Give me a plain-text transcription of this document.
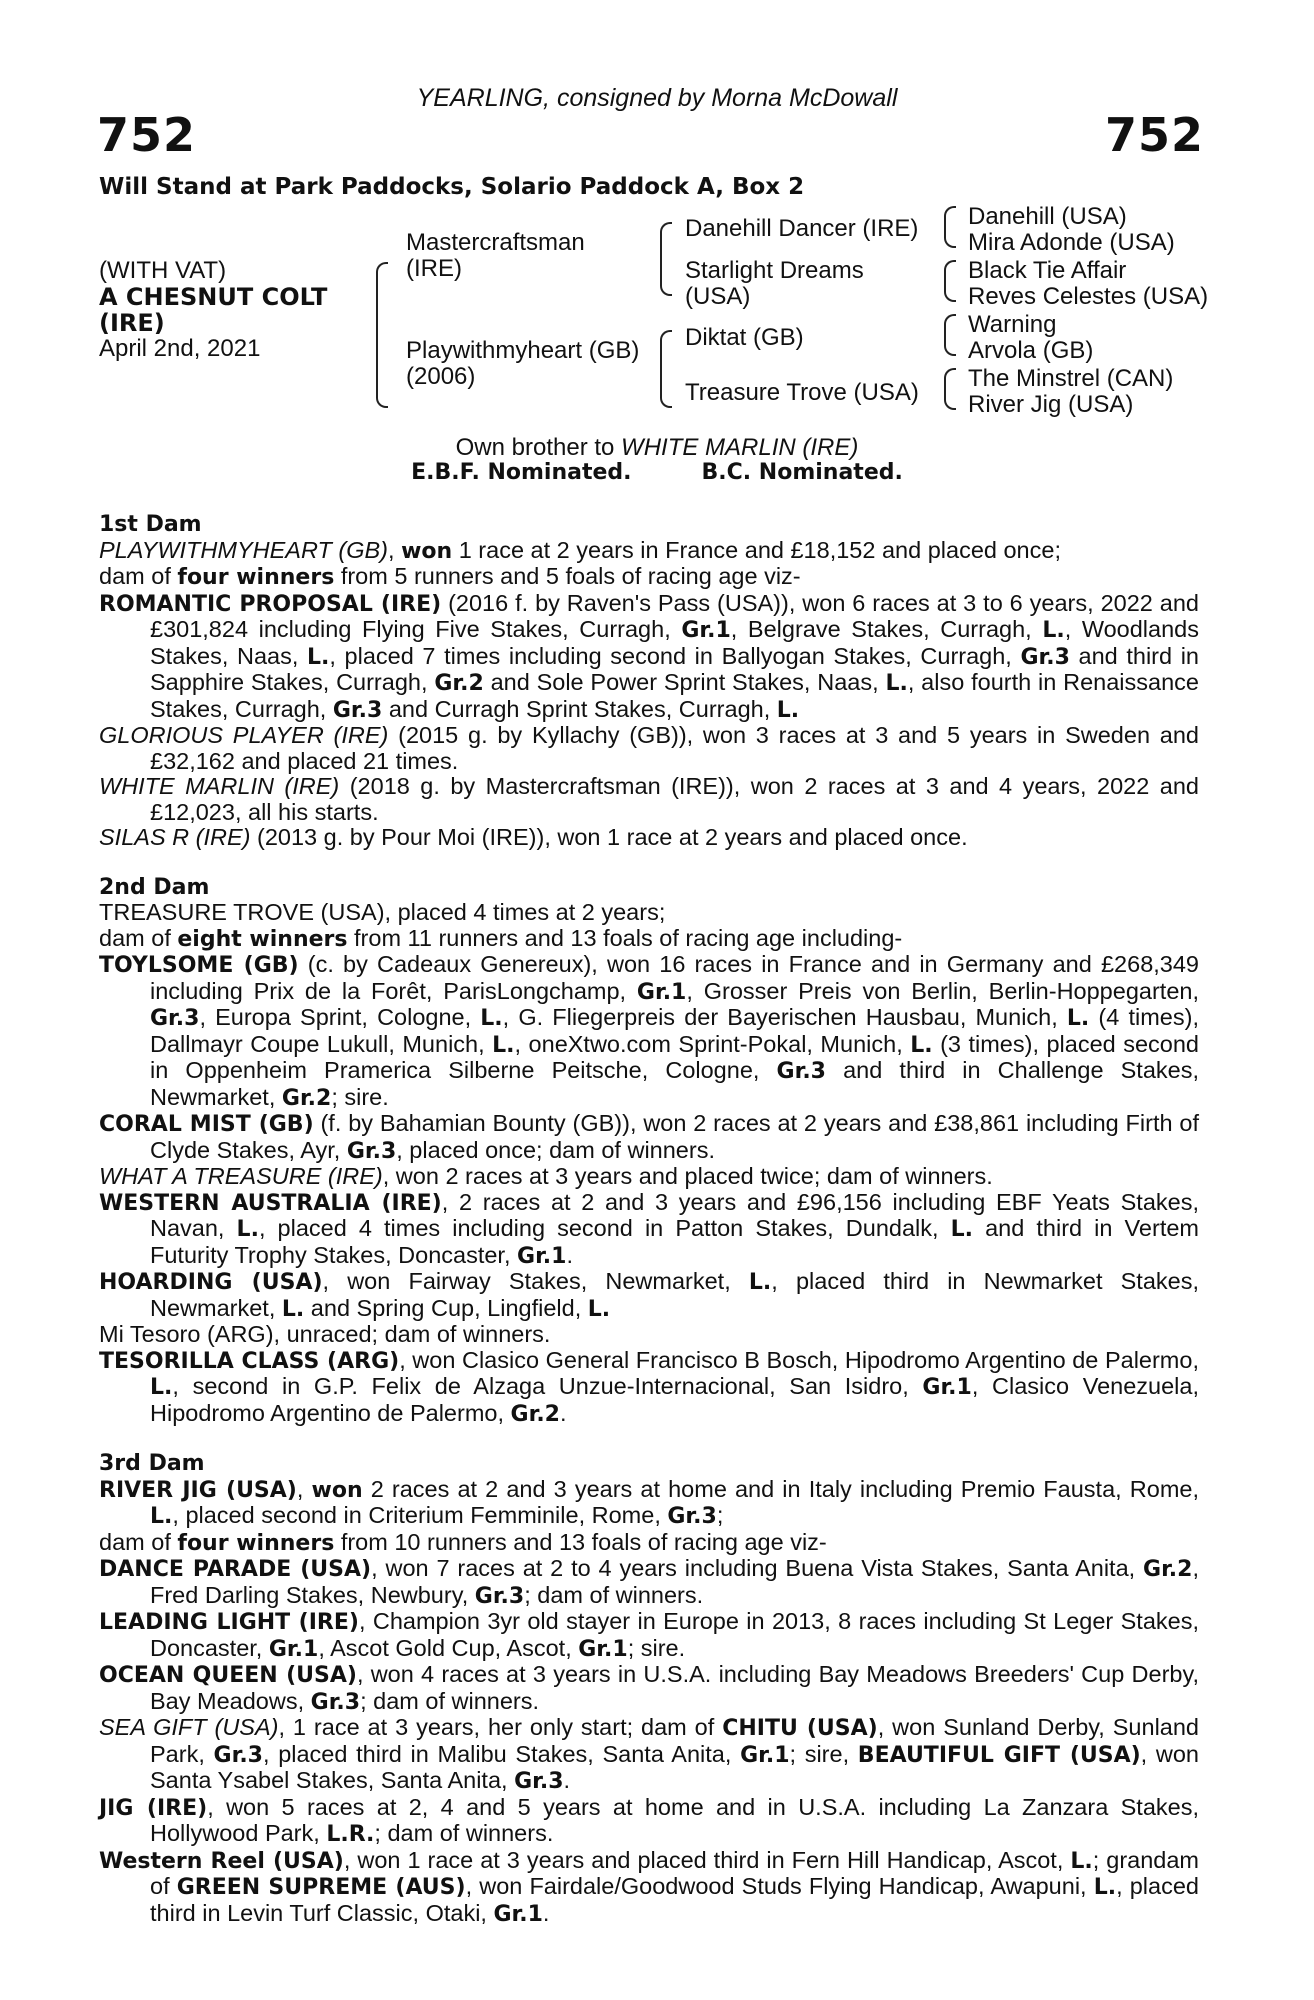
YEARLING, consigned by Morna McDowall
752	752
Will Stand at Park Paddocks, Solario Paddock A, Box 2
(WITH VAT)
A CHESNUT COLT
(IRE)
April 2nd, 2021
Mastercraftsman
(IRE)
Playwithmyheart (GB)
(2006)
Danehill Dancer (IRE)
Starlight Dreams
(USA)
Diktat (GB)
Treasure Trove (USA)
Danehill (USA)
Mira Adonde (USA)
Black Tie Affair
Reves Celestes (USA)
Warning
Arvola (GB)
The Minstrel (CAN)
River Jig (USA)
Own brother to WHITE MARLIN (IRE)
E.B.F. Nominated.	B.C. Nominated.

1st Dam

PLAYWITHMYHEART (GB), won 1 race at 2 years in France and £18,152 and placed once;

dam of four winners from 5 runners and 5 foals of racing age viz-

ROMANTIC PROPOSAL (IRE) (2016 f. by Raven's Pass (USA)), won 6 races at 3 to 6 years, 2022 and £301,824 including Flying Five Stakes, Curragh, Gr.1, Belgrave Stakes, Curragh, L., Woodlands Stakes, Naas, L., placed 7 times including second in Ballyogan Stakes, Curragh, Gr.3 and third in Sapphire Stakes, Curragh, Gr.2 and Sole Power Sprint Stakes, Naas, L., also fourth in Renaissance Stakes, Curragh, Gr.3 and Curragh Sprint Stakes, Curragh, L.

GLORIOUS PLAYER (IRE) (2015 g. by Kyllachy (GB)), won 3 races at 3 and 5 years in Sweden and £32,162 and placed 21 times.

WHITE MARLIN (IRE) (2018 g. by Mastercraftsman (IRE)), won 2 races at 3 and 4 years, 2022 and £12,023, all his starts.

SILAS R (IRE) (2013 g. by Pour Moi (IRE)), won 1 race at 2 years and placed once.

2nd Dam

TREASURE TROVE (USA), placed 4 times at 2 years;

dam of eight winners from 11 runners and 13 foals of racing age including-

TOYLSOME (GB) (c. by Cadeaux Genereux), won 16 races in France and in Germany and £268,349 including Prix de la Forêt, ParisLongchamp, Gr.1, Grosser Preis von Berlin, Berlin-Hoppegarten, Gr.3, Europa Sprint, Cologne, L., G. Fliegerpreis der Bayerischen Hausbau, Munich, L. (4 times), Dallmayr Coupe Lukull, Munich, L., oneXtwo.com Sprint-Pokal, Munich, L. (3 times), placed second in Oppenheim Pramerica Silberne Peitsche, Cologne, Gr.3 and third in Challenge Stakes, Newmarket, Gr.2; sire.

CORAL MIST (GB) (f. by Bahamian Bounty (GB)), won 2 races at 2 years and £38,861 including Firth of Clyde Stakes, Ayr, Gr.3, placed once; dam of winners.

WHAT A TREASURE (IRE), won 2 races at 3 years and placed twice; dam of winners.

WESTERN AUSTRALIA (IRE), 2 races at 2 and 3 years and £96,156 including EBF Yeats Stakes, Navan, L., placed 4 times including second in Patton Stakes, Dundalk, L. and third in Vertem Futurity Trophy Stakes, Doncaster, Gr.1.

HOARDING (USA), won Fairway Stakes, Newmarket, L., placed third in Newmarket Stakes, Newmarket, L. and Spring Cup, Lingfield, L.

Mi Tesoro (ARG), unraced; dam of winners.

TESORILLA CLASS (ARG), won Clasico General Francisco B Bosch, Hipodromo Argentino de Palermo, L., second in G.P. Felix de Alzaga Unzue-Internacional, San Isidro, Gr.1, Clasico Venezuela, Hipodromo Argentino de Palermo, Gr.2.

3rd Dam

RIVER JIG (USA), won 2 races at 2 and 3 years at home and in Italy including Premio Fausta, Rome, L., placed second in Criterium Femminile, Rome, Gr.3;

dam of four winners from 10 runners and 13 foals of racing age viz-

DANCE PARADE (USA), won 7 races at 2 to 4 years including Buena Vista Stakes, Santa Anita, Gr.2, Fred Darling Stakes, Newbury, Gr.3; dam of winners.

LEADING LIGHT (IRE), Champion 3yr old stayer in Europe in 2013, 8 races including St Leger Stakes, Doncaster, Gr.1, Ascot Gold Cup, Ascot, Gr.1; sire.

OCEAN QUEEN (USA), won 4 races at 3 years in U.S.A. including Bay Meadows Breeders' Cup Derby, Bay Meadows, Gr.3; dam of winners.

SEA GIFT (USA), 1 race at 3 years, her only start; dam of CHITU (USA), won Sunland Derby, Sunland Park, Gr.3, placed third in Malibu Stakes, Santa Anita, Gr.1; sire, BEAUTIFUL GIFT (USA), won Santa Ysabel Stakes, Santa Anita, Gr.3.

JIG (IRE), won 5 races at 2, 4 and 5 years at home and in U.S.A. including La Zanzara Stakes, Hollywood Park, L.R.; dam of winners.

Western Reel (USA), won 1 race at 3 years and placed third in Fern Hill Handicap, Ascot, L.; grandam of GREEN SUPREME (AUS), won Fairdale/Goodwood Studs Flying Handicap, Awapuni, L., placed third in Levin Turf Classic, Otaki, Gr.1.
